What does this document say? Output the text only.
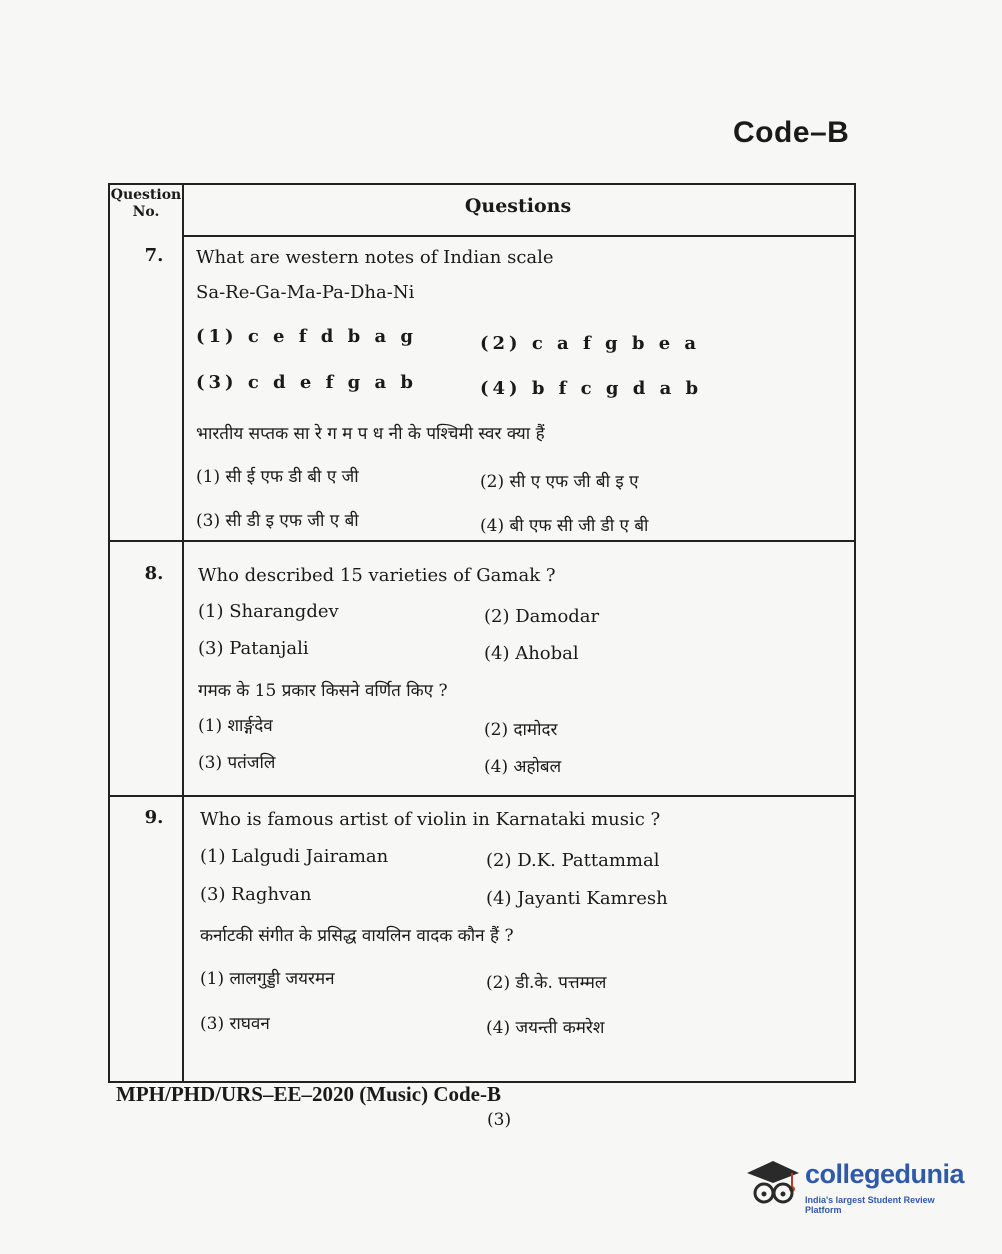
Code–B
Question No.	Questions
7.	What are western notes of Indian scale
Sa-Re-Ga-Ma-Pa-Dha-Ni
(1) c e f d b a g	(2) c a f g b e a
(3) c d e f g a b	(4) b f c g d a b
भारतीय सप्तक सा रे ग म प ध नी के पश्चिमी स्वर क्या हैं
(1) सी ई एफ डी बी ए जी	(2) सी ए एफ जी बी इ ए
(3) सी डी इ एफ जी ए बी	(4) बी एफ सी जी डी ए बी
8.	Who described 15 varieties of Gamak ?
(1) Sharangdev	(2) Damodar
(3) Patanjali	(4) Ahobal
गमक के 15 प्रकार किसने वर्णित किए ?
(1) शार्ङ्गदेव	(2) दामोदर
(3) पतंजलि	(4) अहोबल
9.	Who is famous artist of violin in Karnataki music ?
(1) Lalgudi Jairaman	(2) D.K. Pattammal
(3) Raghvan	(4) Jayanti Kamresh
कर्नाटकी संगीत के प्रसिद्ध वायलिन वादक कौन हैं ?
(1) लालगुड्डी जयरमन	(2) डी.के. पत्तम्मल
(3) राघवन	(4) जयन्ती कमरेश
MPH/PHD/URS–EE–2020 (Music) Code-B
(3)
collegedunia
India's largest Student Review Platform
